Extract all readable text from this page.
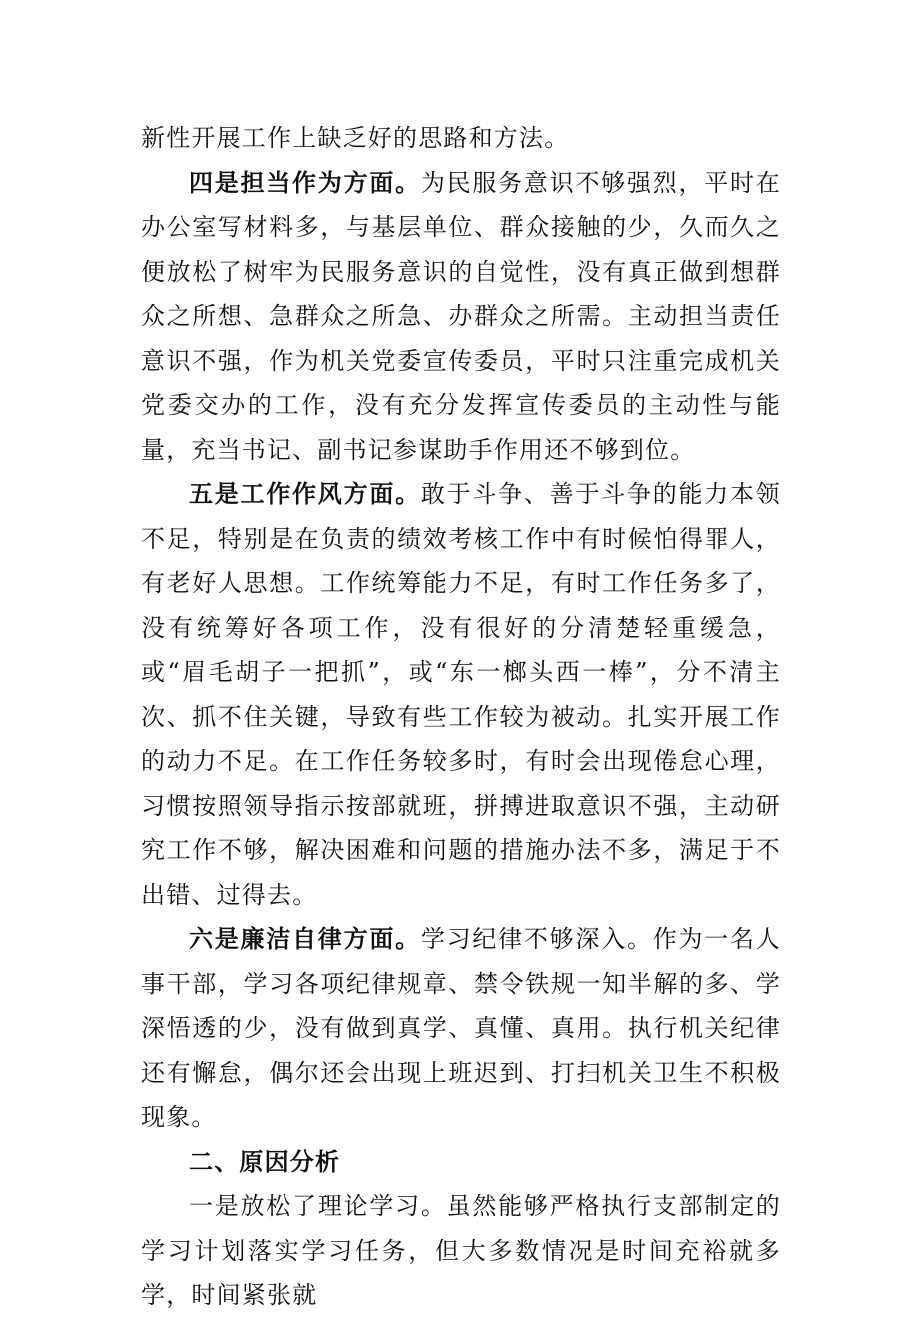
新性开展工作上缺乏好的思路和方法。

四是担当作为方面。为民服务意识不够强烈，平时在办公室写材料多，与基层单位、群众接触的少，久而久之便放松了树牢为民服务意识的自觉性，没有真正做到想群众之所想、急群众之所急、办群众之所需。主动担当责任意识不强，作为机关党委宣传委员，平时只注重完成机关党委交办的工作，没有充分发挥宣传委员的主动性与能量，充当书记、副书记参谋助手作用还不够到位。

五是工作作风方面。敢于斗争、善于斗争的能力本领不足，特别是在负责的绩效考核工作中有时候怕得罪人，有老好人思想。工作统筹能力不足，有时工作任务多了，没有统筹好各项工作，没有很好的分清楚轻重缓急，或“眉毛胡子一把抓”，或“东一榔头西一棒”，分不清主次、抓不住关键，导致有些工作较为被动。扎实开展工作的动力不足。在工作任务较多时，有时会出现倦怠心理，习惯按照领导指示按部就班，拼搏进取意识不强，主动研究工作不够，解决困难和问题的措施办法不多，满足于不出错、过得去。

六是廉洁自律方面。学习纪律不够深入。作为一名人事干部，学习各项纪律规章、禁令铁规一知半解的多、学深悟透的少，没有做到真学、真懂、真用。执行机关纪律还有懈怠，偶尔还会出现上班迟到、打扫机关卫生不积极现象。

二、原因分析

一是放松了理论学习。虽然能够严格执行支部制定的学习计划落实学习任务，但大多数情况是时间充裕就多学，时间紧张就
